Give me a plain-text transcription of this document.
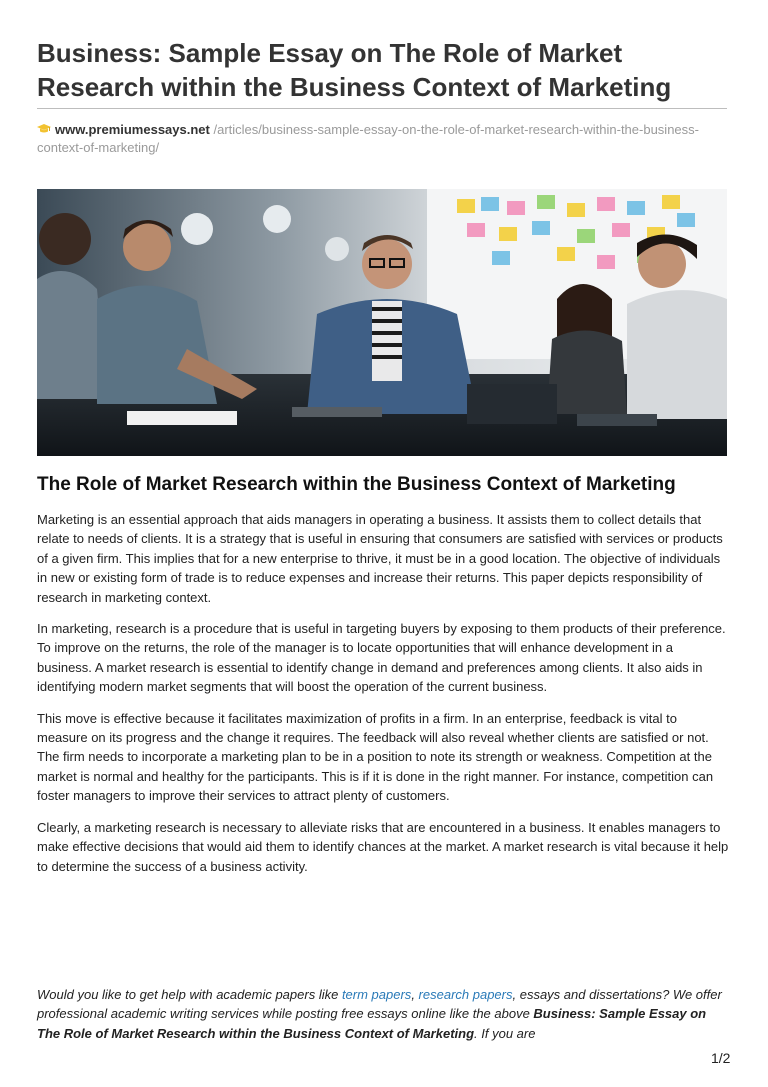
Business: Sample Essay on The Role of Market Research within the Business Context of Marketing
www.premiumessays.net /articles/business-sample-essay-on-the-role-of-market-research-within-the-business-context-of-marketing/
The Role of Market Research within the Business Context of Marketing

Marketing is an essential approach that aids managers in operating a business. It assists them to collect details that relate to needs of clients. It is a strategy that is useful in ensuring that consumers are satisfied with services or products of a given firm. This implies that for a new enterprise to thrive, it must be in a good location. The objective of individuals in new or existing form of trade is to reduce expenses and increase their returns. This paper depicts responsibility of research in marketing context.

In marketing, research is a procedure that is useful in targeting buyers by exposing to them products of their preference. To improve on the returns, the role of the manager is to locate opportunities that will enhance development in a business. A market research is essential to identify change in demand and preferences among clients. It also aids in identifying modern market segments that will boost the operation of the current business.

This move is effective because it facilitates maximization of profits in a firm. In an enterprise, feedback is vital to measure on its progress and the change it requires. The feedback will also reveal whether clients are satisfied or not. The firm needs to incorporate a marketing plan to be in a position to note its strength or weakness. Competition at the market is normal and healthy for the participants. This is if it is done in the right manner. For instance, competition can foster managers to improve their services to attract plenty of customers.

Clearly, a marketing research is necessary to alleviate risks that are encountered in a business. It enables managers to make effective decisions that would aid them to identify chances at the market. A market research is vital because it help to determine the success of a business activity.

Would you like to get help with academic papers like term papers, research papers, essays and dissertations? We offer professional academic writing services while posting free essays online like the above Business: Sample Essay on The Role of Market Research within the Business Context of Marketing. If you are

1/2
